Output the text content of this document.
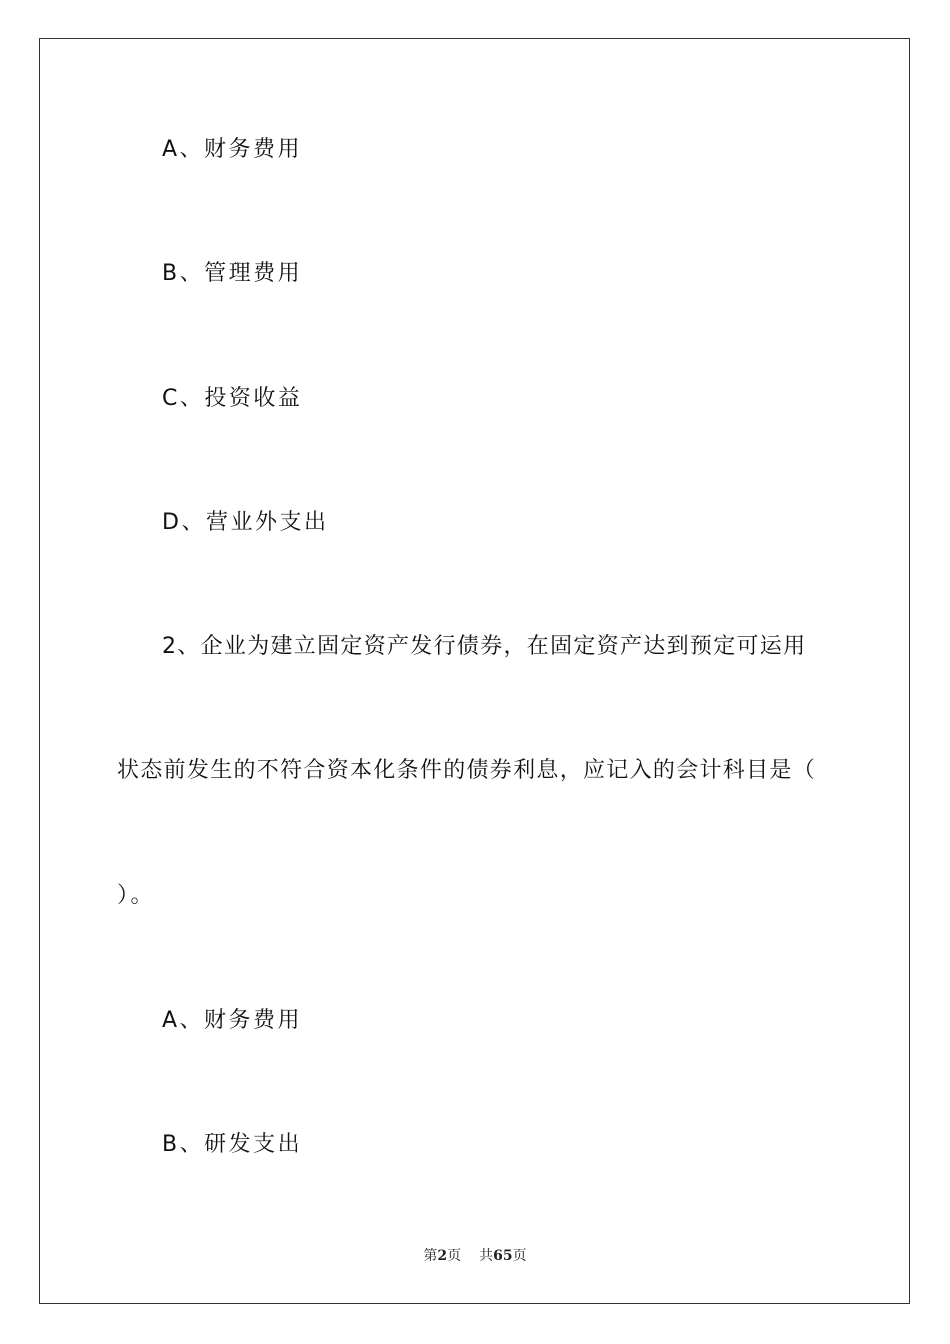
A、财务费用
B、管理费用
C、投资收益
D、营业外支出
2、企业为建立固定资产发行债券，在固定资产达到预定可运用
状态前发生的不符合资本化条件的债券利息，应记入的会计科目是（
）。
A、财务费用
B、研发支出
第2页 共65页
